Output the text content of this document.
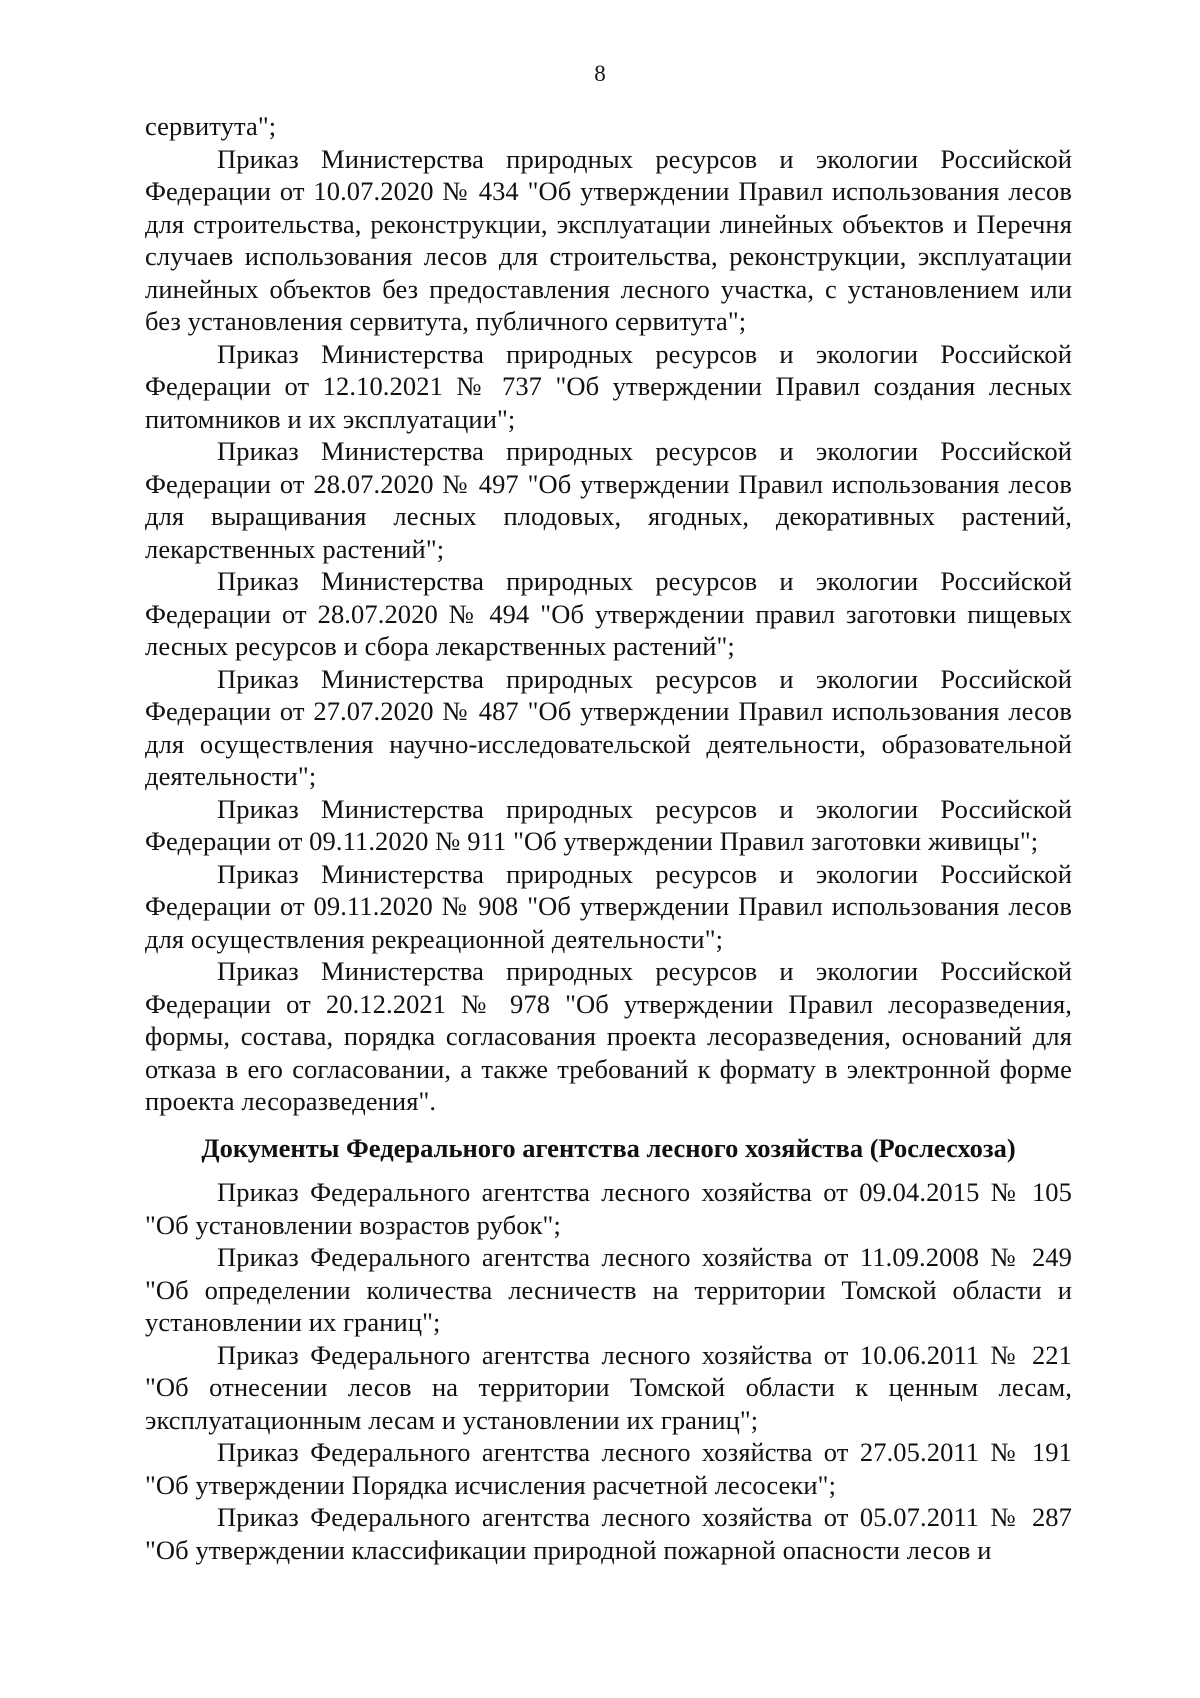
8

сервитута";

Приказ Министерства природных ресурсов и экологии Российской Федерации от 10.07.2020 № 434 "Об утверждении Правил использования лесов для строительства, реконструкции, эксплуатации линейных объектов и Перечня случаев использования лесов для строительства, реконструкции, эксплуатации линейных объектов без предоставления лесного участка, с установлением или без установления сервитута, публичного сервитута";

Приказ Министерства природных ресурсов и экологии Российской Федерации от 12.10.2021 № 737 "Об утверждении Правил создания лесных питомников и их эксплуатации";

Приказ Министерства природных ресурсов и экологии Российской Федерации от 28.07.2020 № 497 "Об утверждении Правил использования лесов для выращивания лесных плодовых, ягодных, декоративных растений, лекарственных растений";

Приказ Министерства природных ресурсов и экологии Российской Федерации от 28.07.2020 № 494 "Об утверждении правил заготовки пищевых лесных ресурсов и сбора лекарственных растений";

Приказ Министерства природных ресурсов и экологии Российской Федерации от 27.07.2020 № 487 "Об утверждении Правил использования лесов для осуществления научно-исследовательской деятельности, образовательной деятельности";

Приказ Министерства природных ресурсов и экологии Российской Федерации от 09.11.2020 № 911 "Об утверждении Правил заготовки живицы";

Приказ Министерства природных ресурсов и экологии Российской Федерации от 09.11.2020 № 908 "Об утверждении Правил использования лесов для осуществления рекреационной деятельности";

Приказ Министерства природных ресурсов и экологии Российской Федерации от 20.12.2021 № 978 "Об утверждении Правил лесоразведения, формы, состава, порядка согласования проекта лесоразведения, оснований для отказа в его согласовании, а также требований к формату в электронной форме проекта лесоразведения".

Документы Федерального агентства лесного хозяйства (Рослесхоза)

Приказ Федерального агентства лесного хозяйства от 09.04.2015 № 105 "Об установлении возрастов рубок";

Приказ Федерального агентства лесного хозяйства от 11.09.2008 № 249 "Об определении количества лесничеств на территории Томской области и установлении их границ";

Приказ Федерального агентства лесного хозяйства от 10.06.2011 № 221 "Об отнесении лесов на территории Томской области к ценным лесам, эксплуатационным лесам и установлении их границ";

Приказ Федерального агентства лесного хозяйства от 27.05.2011 № 191 "Об утверждении Порядка исчисления расчетной лесосеки";

Приказ Федерального агентства лесного хозяйства от 05.07.2011 № 287 "Об утверждении классификации природной пожарной опасности лесов и
